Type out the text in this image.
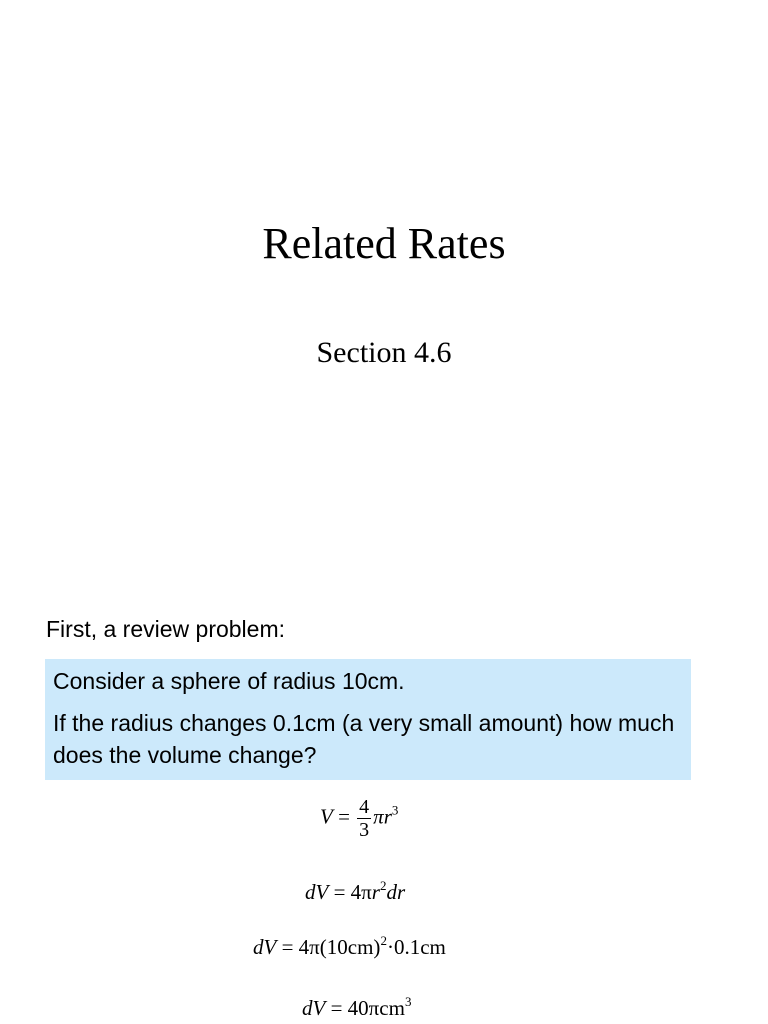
Related Rates
Section 4.6
First, a review problem:

Consider a sphere of radius 10cm.

If the radius changes 0.1cm (a very small amount) how much does the volume change?

$V = \frac{4}{3} \pi r^3$
dV = $4\pi r^2dr$
dV = $4\pi(10cm)^2\cdot 0.1cm$
dV = 40πcm$^3$
